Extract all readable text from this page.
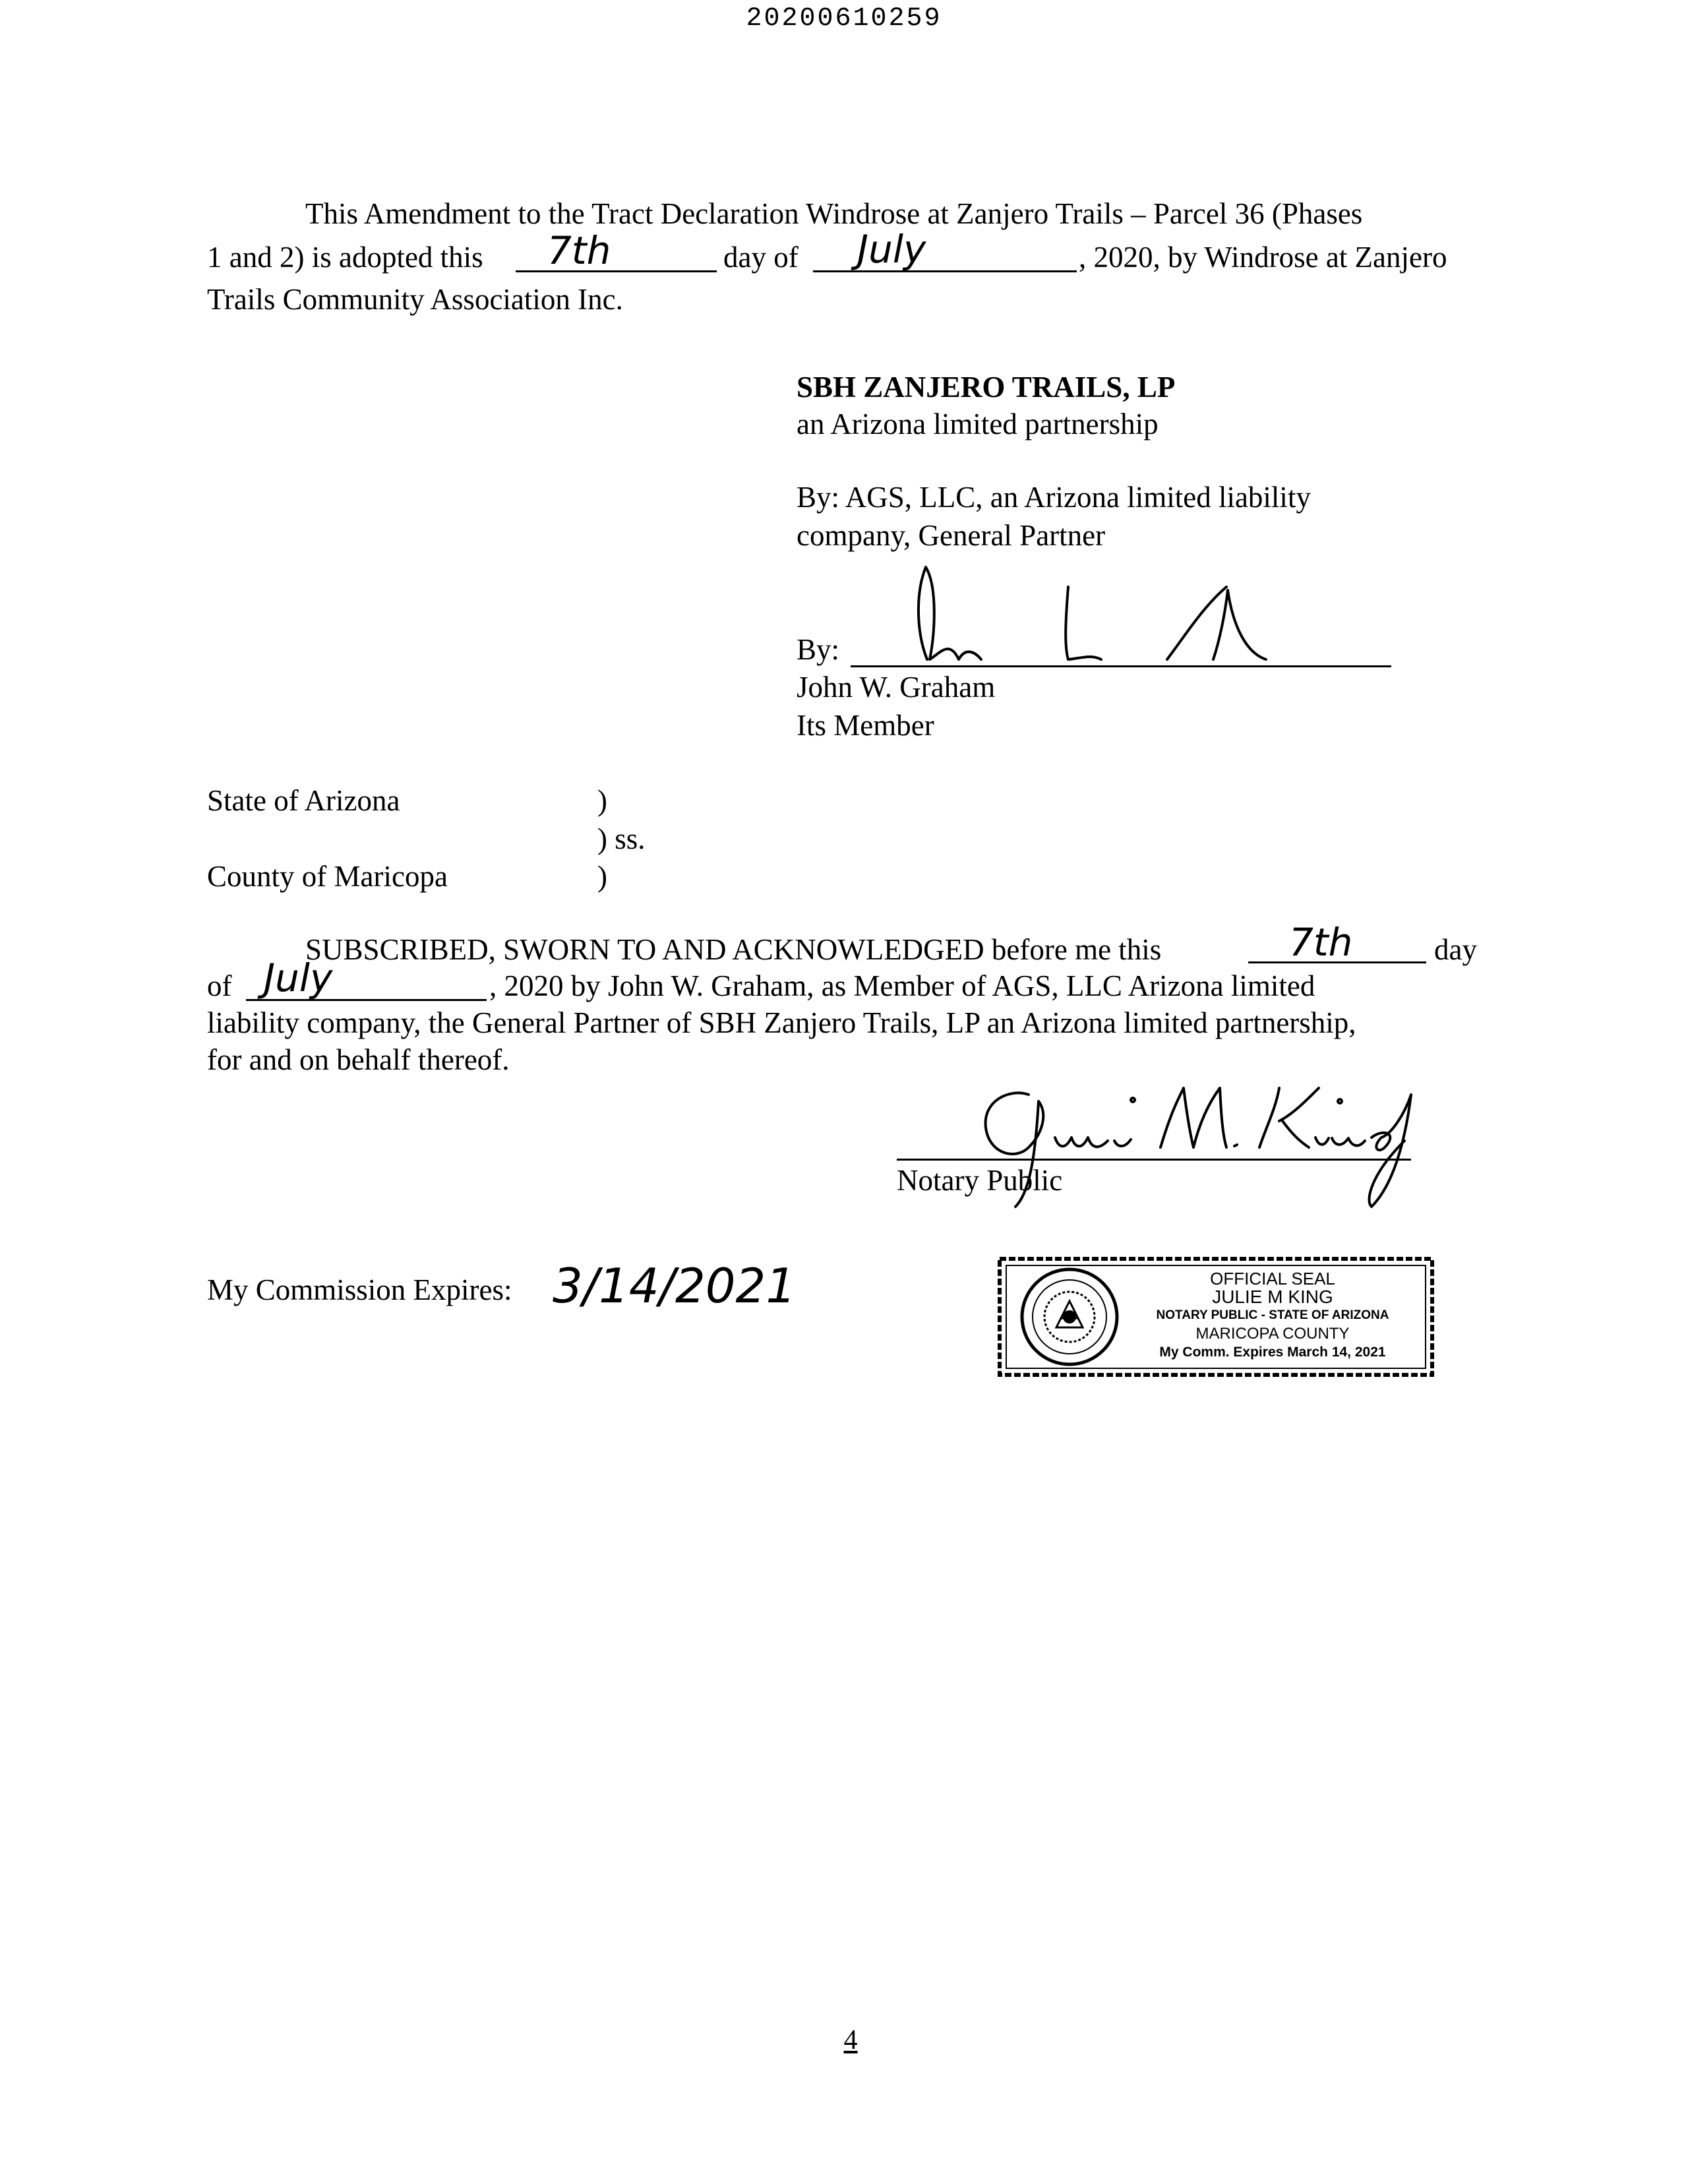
20200610259
This Amendment to the Tract Declaration Windrose at Zanjero Trails – Parcel 36 (Phases
1 and 2) is adopted this 7th	day of July	, 2020, by Windrose at Zanjero
Trails Community Association Inc.
SBH ZANJERO TRAILS, LP
an Arizona limited partnership
By: AGS, LLC, an Arizona limited liability
company, General Partner
By:
John W. Graham
Its Member
State of Arizona	)
) ss.
County of Maricopa	)
SUBSCRIBED, SWORN TO AND ACKNOWLEDGED before me this	7th	day
of July	, 2020 by John W. Graham, as Member of AGS, LLC Arizona limited
liability company, the General Partner of SBH Zanjero Trails, LP an Arizona limited partnership,
for and on behalf thereof.
Notary Public
My Commission Expires: 3/14/2021	OFFICIAL SEAL
JULIE M KING
NOTARY PUBLIC - STATE OF ARIZONA
MARICOPA COUNTY
My Comm. Expires March 14, 2021
4
